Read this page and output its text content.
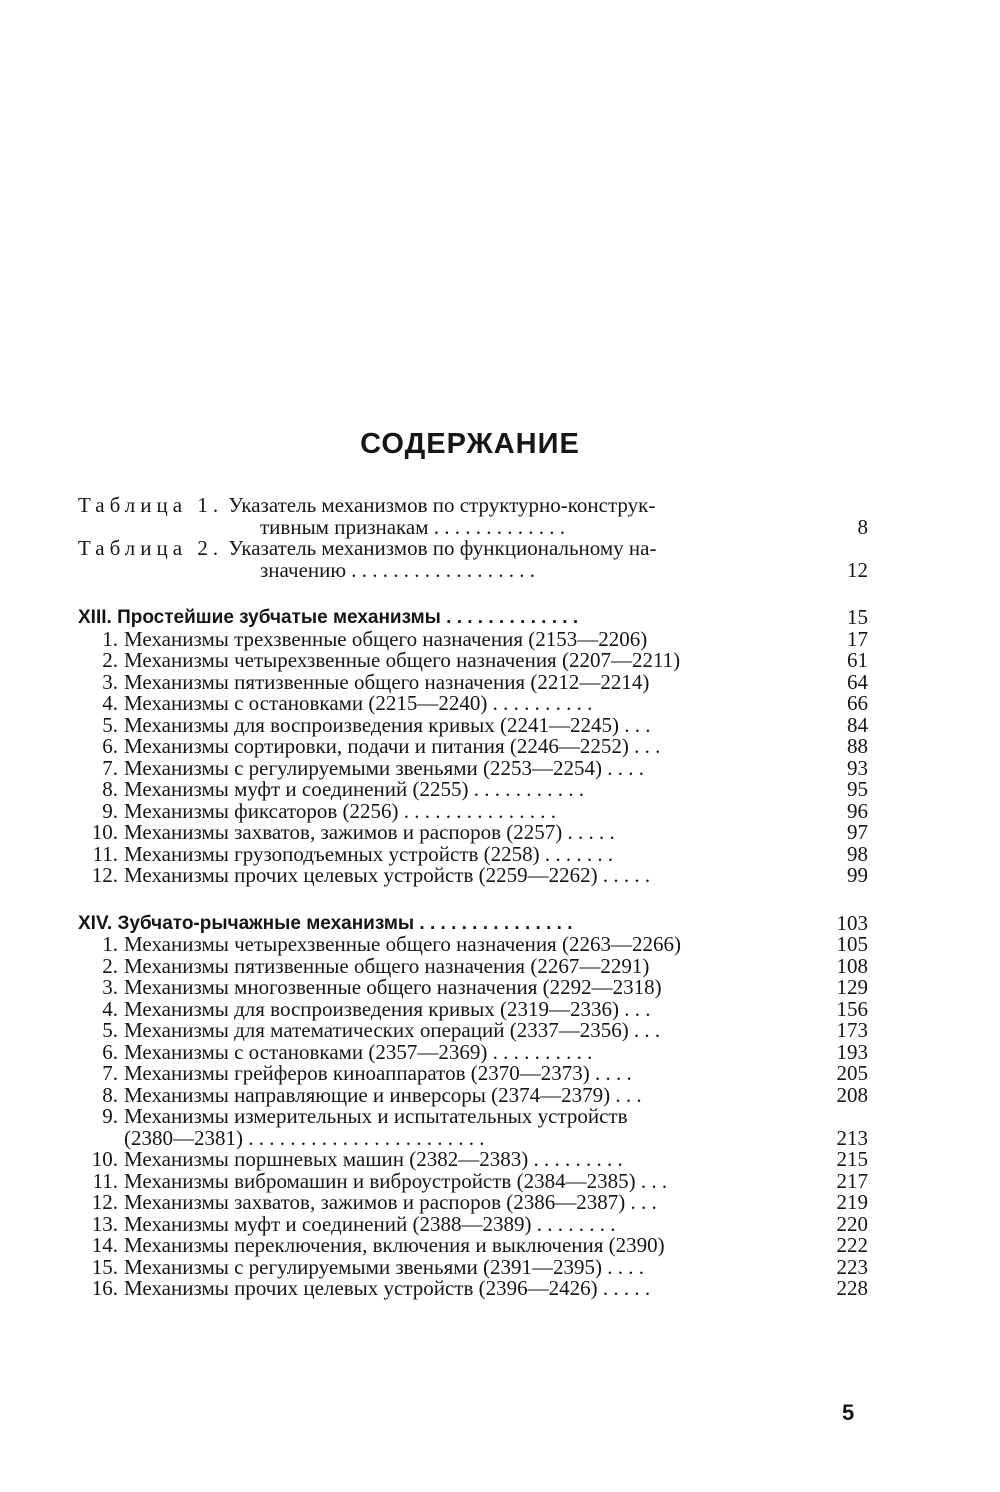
СОДЕРЖАНИЕ
Таблица 1. Указатель механизмов по структурно-конструк-
тивным признакам . . . . . . . . . . . . .	8
Таблица 2. Указатель механизмов по функциональному на-
значению . . . . . . . . . . . . . . . . . .	12
XIII. Простейшие зубчатые механизмы . . . . . . . . . . . . .	15
1. Механизмы трехзвенные общего назначения (2153—2206)	17
2. Механизмы четырехзвенные общего назначения (2207—2211)	61
3. Механизмы пятизвенные общего назначения (2212—2214)	64
4. Механизмы с остановками (2215—2240) . . . . . . . . . .	66
5. Механизмы для воспроизведения кривых (2241—2245) . . .	84
6. Механизмы сортировки, подачи и питания (2246—2252) . . .	88
7. Механизмы с регулируемыми звеньями (2253—2254) . . . .	93
8. Механизмы муфт и соединений (2255) . . . . . . . . . . .	95
9. Механизмы фиксаторов (2256) . . . . . . . . . . . . . . .	96
10. Механизмы захватов, зажимов и распоров (2257) . . . . .	97
11. Механизмы грузоподъемных устройств (2258) . . . . . . .	98
12. Механизмы прочих целевых устройств (2259—2262) . . . . .	99
XIV. Зубчато-рычажные механизмы . . . . . . . . . . . . . . .	103
1. Механизмы четырехзвенные общего назначения (2263—2266)	105
2. Механизмы пятизвенные общего назначения (2267—2291)	108
3. Механизмы многозвенные общего назначения (2292—2318)	129
4. Механизмы для воспроизведения кривых (2319—2336) . . .	156
5. Механизмы для математических операций (2337—2356) . . .	173
6. Механизмы с остановками (2357—2369) . . . . . . . . . .	193
7. Механизмы грейферов киноаппаратов (2370—2373) . . . .	205
8. Механизмы направляющие и инверсоры (2374—2379) . . .	208
9. Механизмы измерительных и испытательных устройств
(2380—2381) . . . . . . . . . . . . . . . . . . . . . . .	213
10. Механизмы поршневых машин (2382—2383) . . . . . . . . .	215
11. Механизмы вибромашин и виброустройств (2384—2385) . . .	217
12. Механизмы захватов, зажимов и распоров (2386—2387) . . .	219
13. Механизмы муфт и соединений (2388—2389) . . . . . . . .	220
14. Механизмы переключения, включения и выключения (2390)	222
15. Механизмы с регулируемыми звеньями (2391—2395) . . . .	223
16. Механизмы прочих целевых устройств (2396—2426) . . . . .	228
5
